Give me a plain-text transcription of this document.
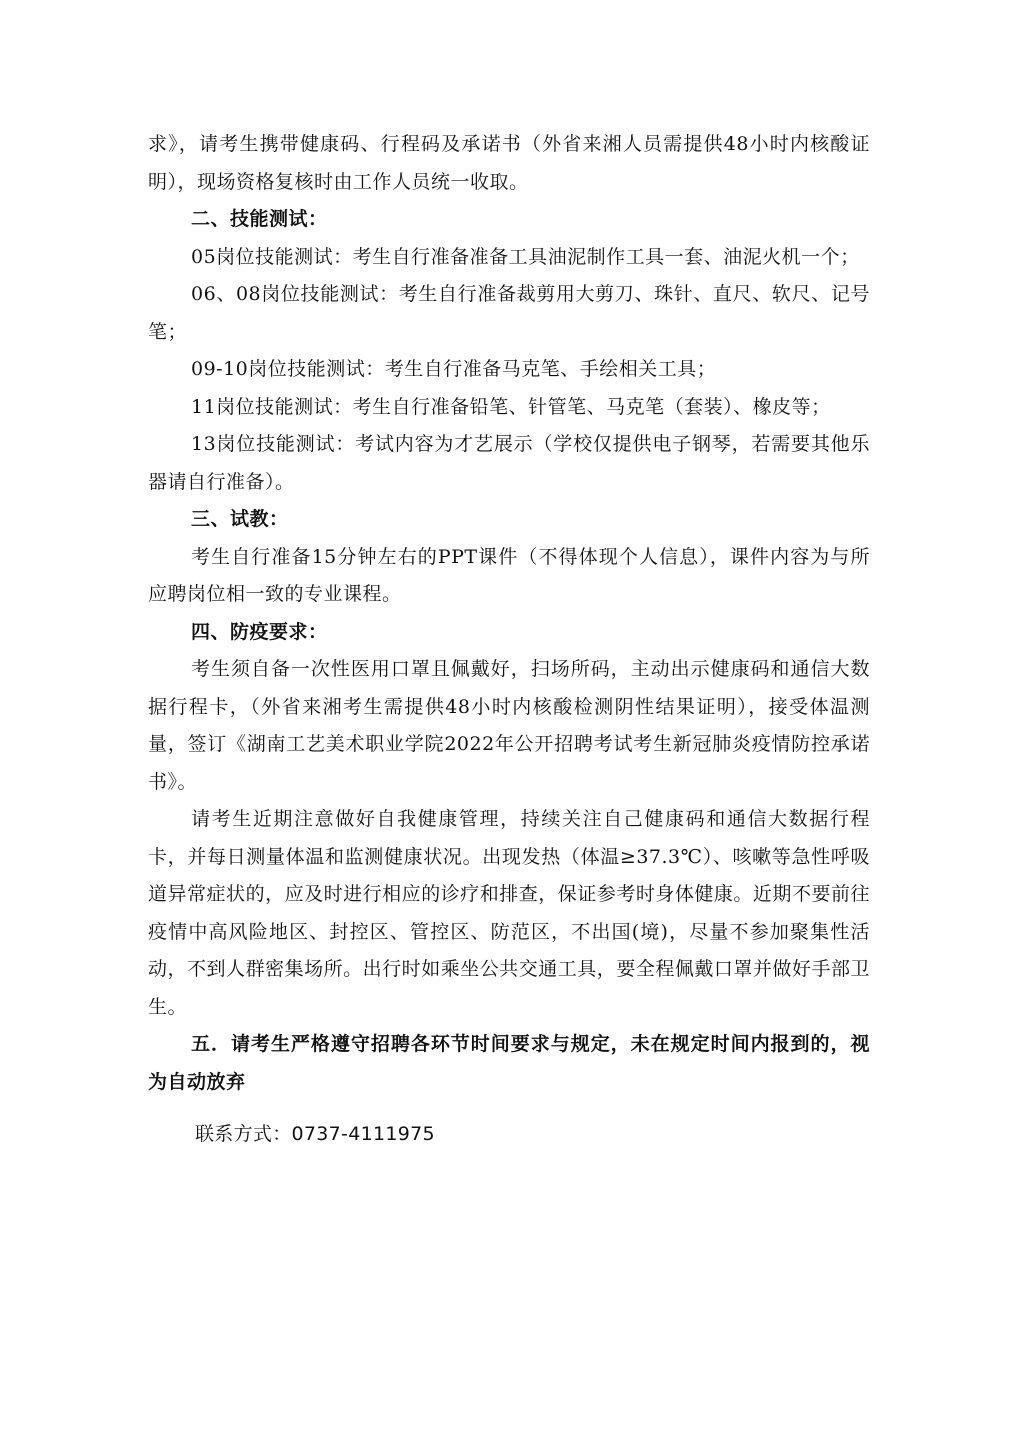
求》，请考生携带健康码、行程码及承诺书（外省来湘人员需提供48小时内核酸证明），现场资格复核时由工作人员统一收取。

二、技能测试：

05岗位技能测试：考生自行准备准备工具油泥制作工具一套、油泥火机一个；

06、08岗位技能测试：考生自行准备裁剪用大剪刀、珠针、直尺、软尺、记号笔；

09-10岗位技能测试：考生自行准备马克笔、手绘相关工具；

11岗位技能测试：考生自行准备铅笔、针管笔、马克笔（套装）、橡皮等；

13岗位技能测试：考试内容为才艺展示（学校仅提供电子钢琴，若需要其他乐器请自行准备）。

三、试教：

考生自行准备15分钟左右的PPT课件（不得体现个人信息），课件内容为与所应聘岗位相一致的专业课程。

四、防疫要求：

考生须自备一次性医用口罩且佩戴好，扫场所码，主动出示健康码和通信大数据行程卡，（外省来湘考生需提供48小时内核酸检测阴性结果证明），接受体温测量，签订《湖南工艺美术职业学院2022年公开招聘考试考生新冠肺炎疫情防控承诺书》。

请考生近期注意做好自我健康管理，持续关注自己健康码和通信大数据行程卡，并每日测量体温和监测健康状况。出现发热（体温≥37.3℃）、咳嗽等急性呼吸道异常症状的，应及时进行相应的诊疗和排查，保证参考时身体健康。近期不要前往疫情中高风险地区、封控区、管控区、防范区，不出国(境)，尽量不参加聚集性活动，不到人群密集场所。出行时如乘坐公共交通工具，要全程佩戴口罩并做好手部卫生。

五．请考生严格遵守招聘各环节时间要求与规定，未在规定时间内报到的，视为自动放弃

联系方式：0737-4111975
